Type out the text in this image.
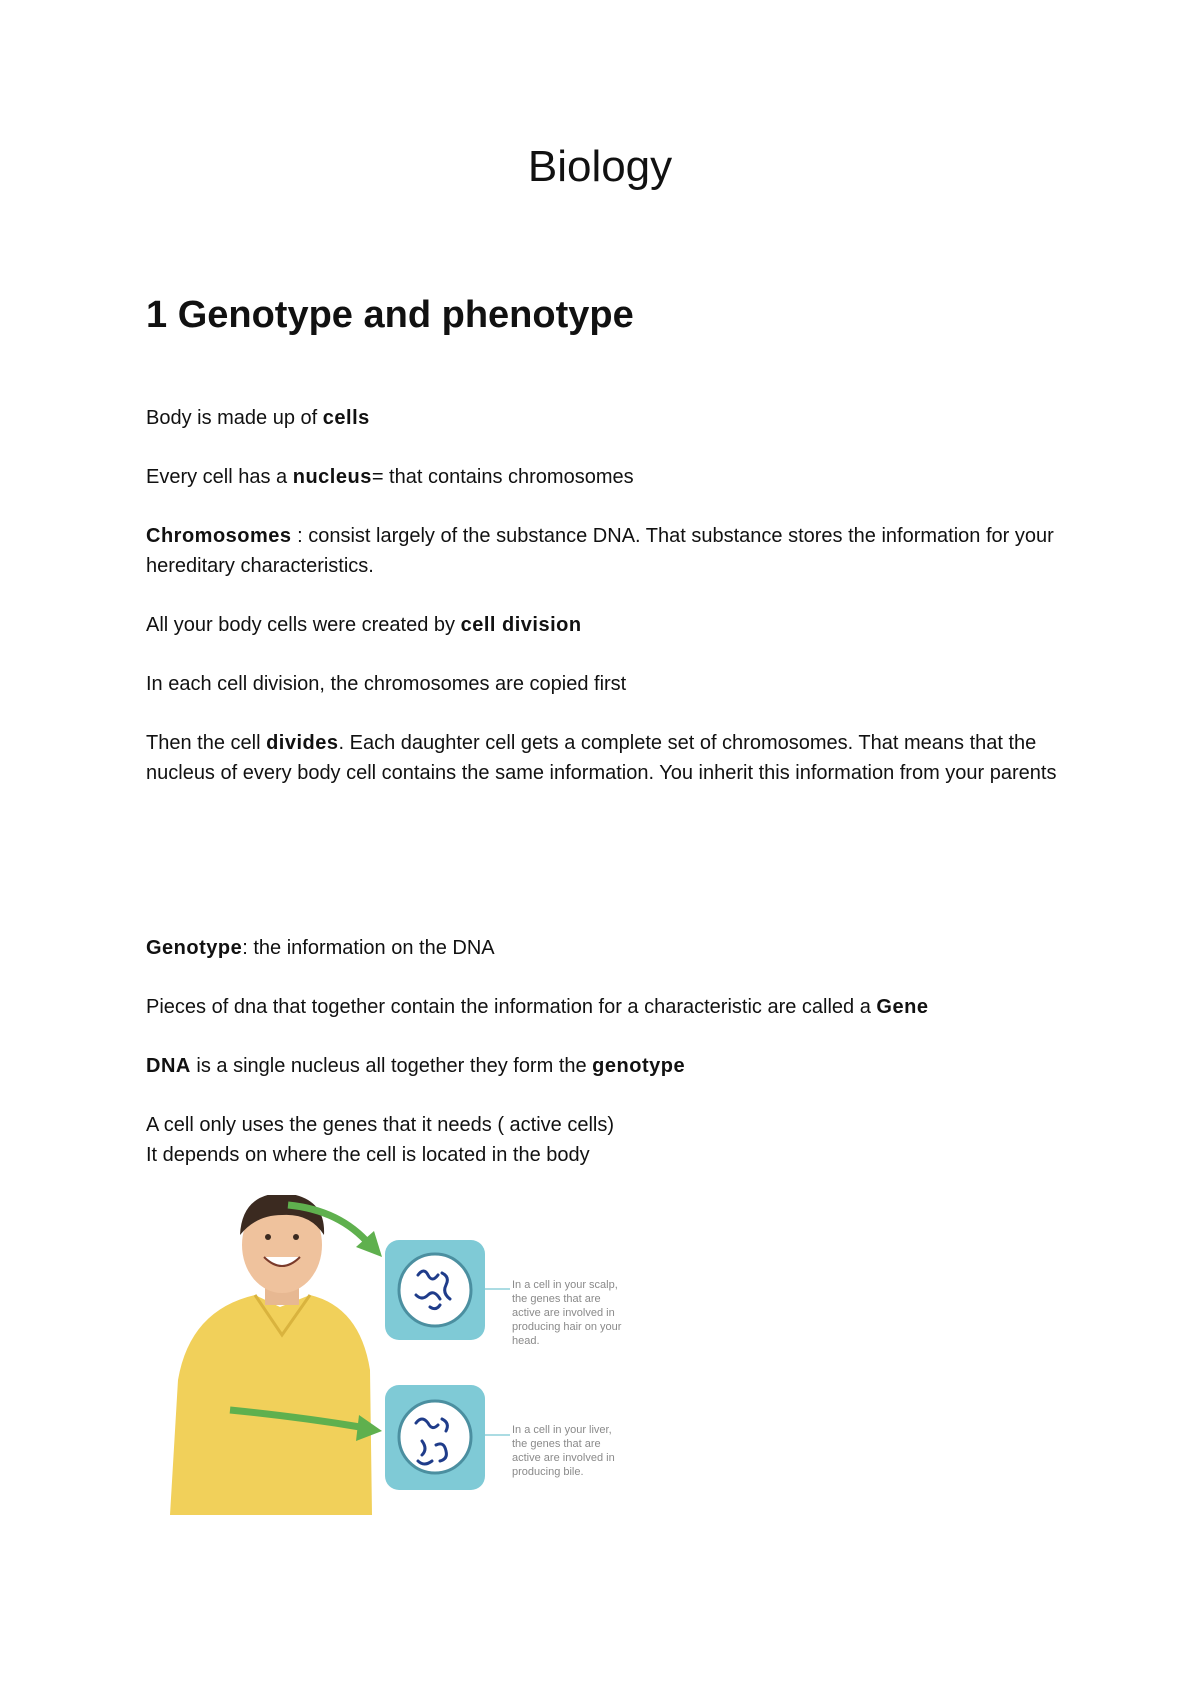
Biology
1 Genotype and phenotype

Body is made up of cells

Every cell has a nucleus= that contains chromosomes

Chromosomes : consist largely of the substance DNA. That substance stores the information for your hereditary characteristics.

All your body cells were created by cell division

In each cell division, the chromosomes are copied first

Then the cell divides. Each daughter cell gets a complete set of chromosomes. That means that the nucleus of every body cell contains the same information. You inherit this information from your parents

Genotype: the information on the DNA

Pieces of dna that together contain the information for a characteristic are called a Gene

DNA is a single nucleus all together they form the genotype

A cell only uses the genes that it needs ( active cells)
It depends on where the cell is located in the body

In a cell in your scalp, the genes that are active are involved in producing hair on your head.
In a cell in your liver, the genes that are active are involved in producing bile.
